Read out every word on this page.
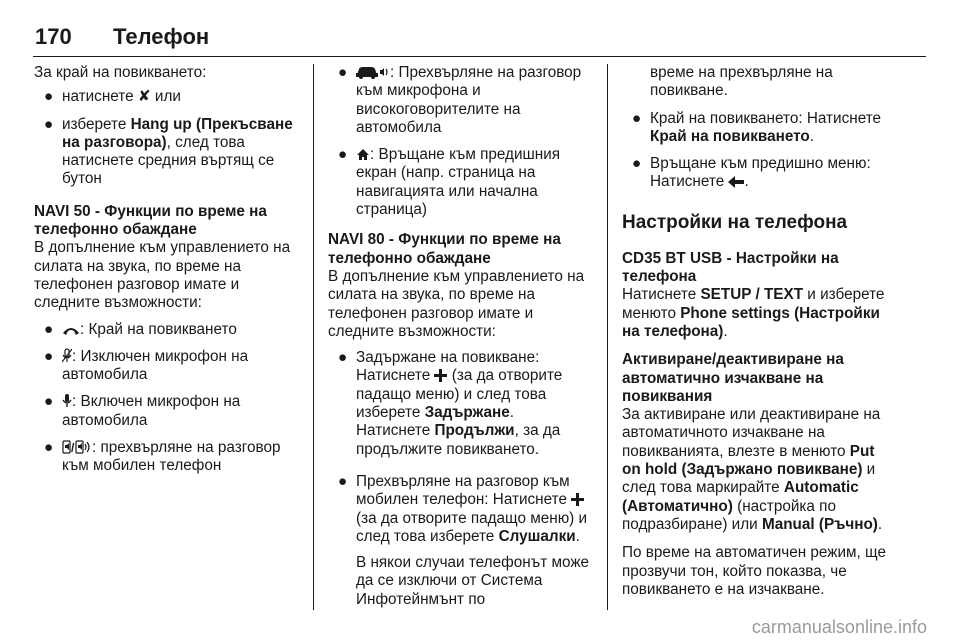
170 Телефон

За край на повикването:

● натиснете ✘ или
● изберете Hang up (Прекъсване на разговора), след това натиснете средния въртящ се бутон

NAVI 50 - Функции по време на телефонно обаждане

В допълнение към управлението на силата на звука, по време на телефонен разговор имате и следните възможности:

● : Край на повикването
● : Изключен микрофон на автомобила
● : Включен микрофон на автомобила
● / : прехвърляне на разговор към мобилен телефон
●	: Прехвърляне на разговор към микрофона и високоговорителите на автомобила
● : Връщане към предишния екран (напр. страница на навигацията или начална страница)

NAVI 80 - Функции по време на телефонно обаждане

В допълнение към управлението на силата на звука, по време на телефонен разговор имате и следните възможности:

● Задържане на повикване:
Натиснете  (за да отворите падащо меню) и след това изберете Задържане.
Натиснете Продължи, за да продължите повикването.
● Прехвърляне на разговор към мобилен телефон: Натиснете  (за да отворите падащо меню) и след това изберете Слушалки.

В някои случаи телефонът може да се изключи от Система Инфотейнмънт по
време на прехвърляне на повикване.
● Край на повикването: Натиснете Край на повикването.
● Връщане към предишно меню: Натиснете .
Настройки на телефона

CD35 BT USB - Настройки на телефона

Натиснете SETUP / TEXT и изберете менюто Phone settings (Настройки на телефона).

Активиране/деактивиране на автоматично изчакване на повиквания

За активиране или деактивиране на автоматичното изчакване на повикванията, влезте в менюто Put on hold (Задържано повикване) и след това маркирайте Automatic (Автоматично) (настройка по подразбиране) или Manual (Ръчно).

По време на автоматичен режим, ще прозвучи тон, който показва, че повикването е на изчакване.

carmanualsonline.info
